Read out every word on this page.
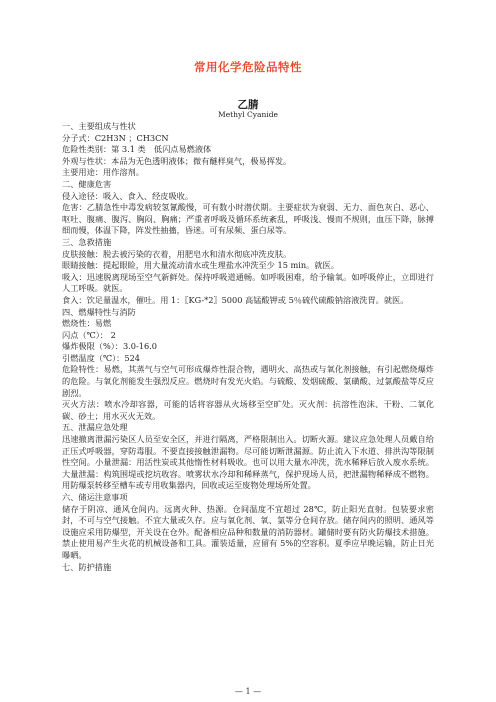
常用化学危险品特性
乙腈
Methyl Cyanide

一、主要组成与性状

分子式：C2H3N ；CH3CN

危险性类别：第 3.1 类　低闪点易燃液体

外观与性状：本品为无色透明液体；微有醚样臭气，极易挥发。

主要用途：用作溶剂。

二、健康危害

侵入途径：吸入、食入、经皮吸收。

危害：乙腈急性中毒发病较氢氰酸慢，可有数小时潜伏期。主要症状为衰弱、无力、面色灰白、恶心、呕吐、腹痛、腹泻、胸闷、胸痛；严重者呼吸及循环系统紊乱，呼吸浅、慢而不规则，血压下降，脉搏细而慢，体温下降，阵发性抽搐，昏迷。可有尿频、蛋白尿等。

三、急救措施

皮肤接触：脱去被污染的衣着，用肥皂水和清水彻底冲洗皮肤。

眼睛接触：提起眼睑，用大量流动清水或生理盐水冲洗至少 15 min。就医。

吸入：迅速脱离现场至空气新鲜处。保持呼吸道通畅。如呼吸困难，给予输氧。如呼吸停止，立即进行人工呼吸。就医。

食入：饮足量温水，催吐。用 1：〖KG-*2〗5000 高锰酸钾或 5％硫代硫酸钠溶液洗胃。就医。

四、燃爆特性与消防

燃烧性：易燃

闪点（℃）： 2

爆炸极限（%）：3.0-16.0

引燃温度（℃）：524

危险特性：易燃，其蒸气与空气可形成爆炸性混合物，遇明火、高热或与氧化剂接触，有引起燃烧爆炸的危险。与氧化剂能发生强烈反应。燃烧时有发光火焰。与硫酸、发烟硫酸、氯磺酸、过氯酸盐等反应剧烈。

灭火方法：喷水冷却容器，可能的话将容器从火场移至空旷处。灭火剂：抗溶性泡沫、干粉、二氧化碳、砂土；用水灭火无效。

五、泄漏应急处理

迅速撤离泄漏污染区人员至安全区，并进行隔离，严格限制出入。切断火源。建议应急处理人员戴自给正压式呼吸器，穿防毒服。不要直接接触泄漏物。尽可能切断泄漏源。防止流入下水道、排洪沟等限制性空间。小量泄漏：用活性炭或其他惰性材料吸收。也可以用大量水冲洗，洗水稀释后放入废水系统。大量泄漏：构筑围堤或挖坑收容。喷雾状水冷却和稀释蒸气，保护现场人员，把泄漏物稀释成不燃物。用防爆泵转移至槽车或专用收集器内，回收或运至废物处理场所处置。

六、储运注意事项

储存于阴凉、通风仓间内。远离火种、热源。仓间温度不宜超过 28℃，防止阳光直射。包装要求密封，不可与空气接触。不宜大量或久存。应与氧化剂、氧、氯等分仓间存放。储存间内的照明、通风等设施应采用防爆型，开关设在仓外。配备相应品种和数量的消防器材。罐储时要有防火防爆技术措施。禁止使用易产生火花的机械设备和工具。灌装适量，应留有 5%的空容积。夏季应早晚运输，防止日光曝晒。

七、防护措施

— 1 —
